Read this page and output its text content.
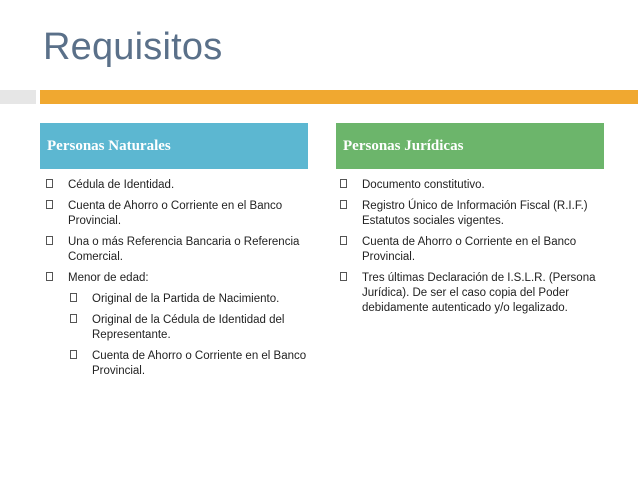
Requisitos
Personas Naturales	Personas Jurídicas
Cédula de Identidad.
Cuenta de Ahorro o Corriente en el Banco Provincial.
Una o más Referencia Bancaria o Referencia Comercial.
Menor de edad:
Original de la Partida de Nacimiento.
Original de la Cédula de Identidad del Representante.
Cuenta de Ahorro o Corriente en el Banco Provincial.
Documento constitutivo.
Registro Único de Información Fiscal (R.I.F.) Estatutos sociales vigentes.
Cuenta de Ahorro o Corriente en el Banco Provincial.
Tres últimas Declaración de I.S.L.R. (Persona Jurídica). De ser el caso copia del Poder debidamente autenticado y/o legalizado.
